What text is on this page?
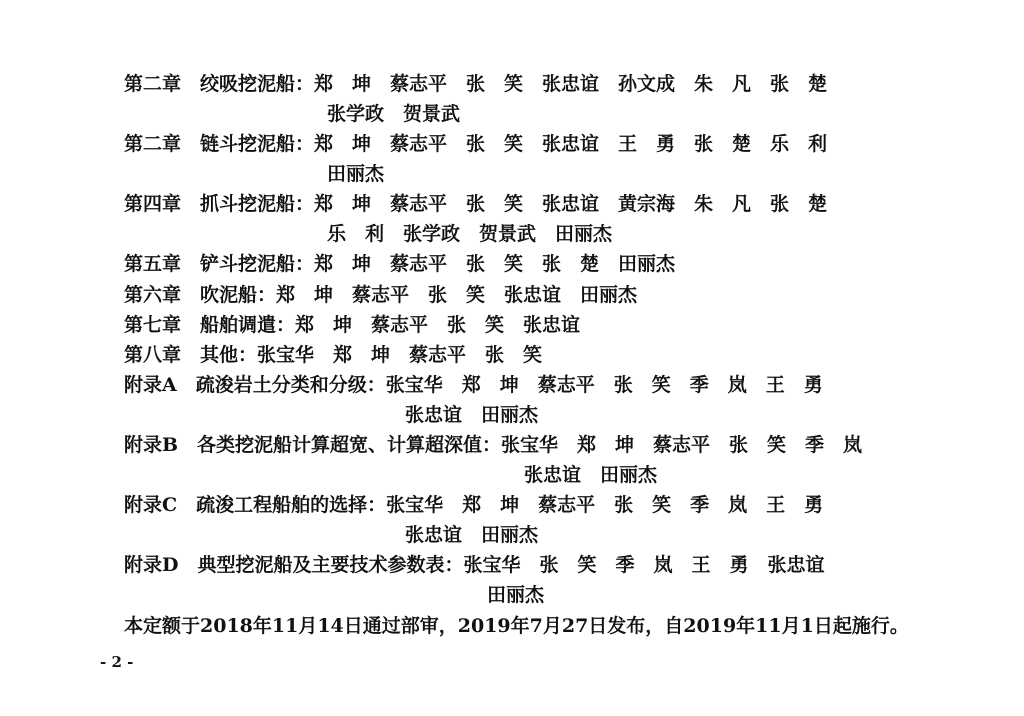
第二章　绞吸挖泥船：郑　坤　蔡志平　张　笑　张忠谊　孙文成　朱　凡　张　楚
张学政　贺景武
第二章　链斗挖泥船：郑　坤　蔡志平　张　笑　张忠谊　王　勇　张　楚　乐　利
田丽杰
第四章　抓斗挖泥船：郑　坤　蔡志平　张　笑　张忠谊　黄宗海　朱　凡　张　楚
乐　利　张学政　贺景武　田丽杰
第五章　铲斗挖泥船：郑　坤　蔡志平　张　笑　张　楚　田丽杰
第六章　吹泥船：郑　坤　蔡志平　张　笑　张忠谊　田丽杰
第七章　船舶调遣：郑　坤　蔡志平　张　笑　张忠谊
第八章　其他：张宝华　郑　坤　蔡志平　张　笑
附录A　疏浚岩土分类和分级：张宝华　郑　坤　蔡志平　张　笑　季　岚　王　勇
张忠谊　田丽杰
附录B　各类挖泥船计算超宽、计算超深值：张宝华　郑　坤　蔡志平　张　笑　季　岚
张忠谊　田丽杰
附录C　疏浚工程船舶的选择：张宝华　郑　坤　蔡志平　张　笑　季　岚　王　勇
张忠谊　田丽杰
附录D　典型挖泥船及主要技术参数表：张宝华　张　笑　季　岚　王　勇　张忠谊
田丽杰
本定额于2018年11月14日通过部审，2019年7月27日发布，自2019年11月1日起施行。
- 2 -
